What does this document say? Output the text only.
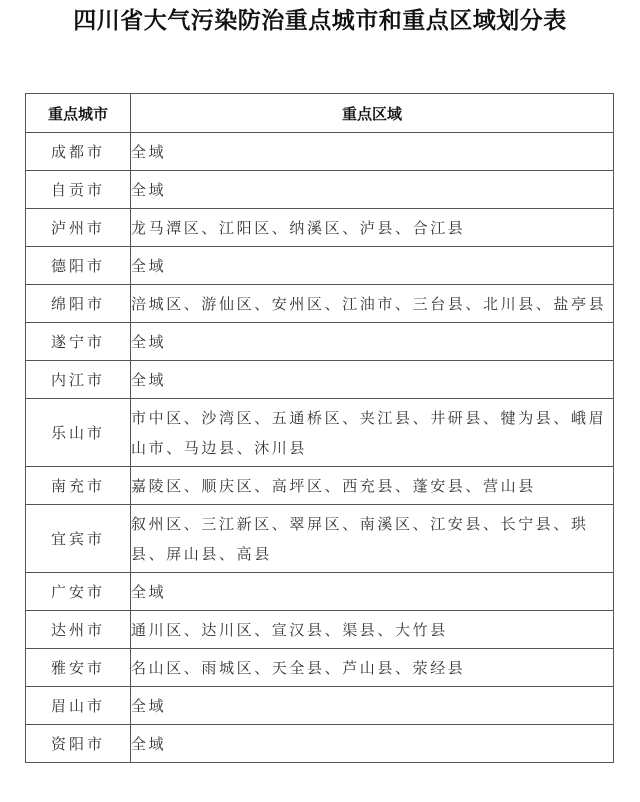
四川省大气污染防治重点城市和重点区域划分表
重点城市	重点区域
成都市	全域
自贡市	全域
泸州市	龙马潭区、江阳区、纳溪区、泸县、合江县
德阳市	全域
绵阳市	涪城区、游仙区、安州区、江油市、三台县、北川县、盐亭县
遂宁市	全域
内江市	全域
乐山市	市中区、沙湾区、五通桥区、夹江县、井研县、犍为县、峨眉山市、马边县、沐川县
南充市	嘉陵区、顺庆区、高坪区、西充县、蓬安县、营山县
宜宾市	叙州区、三江新区、翠屏区、南溪区、江安县、长宁县、珙县、屏山县、高县
广安市	全域
达州市	通川区、达川区、宣汉县、渠县、大竹县
雅安市	名山区、雨城区、天全县、芦山县、荥经县
眉山市	全域
资阳市	全域
